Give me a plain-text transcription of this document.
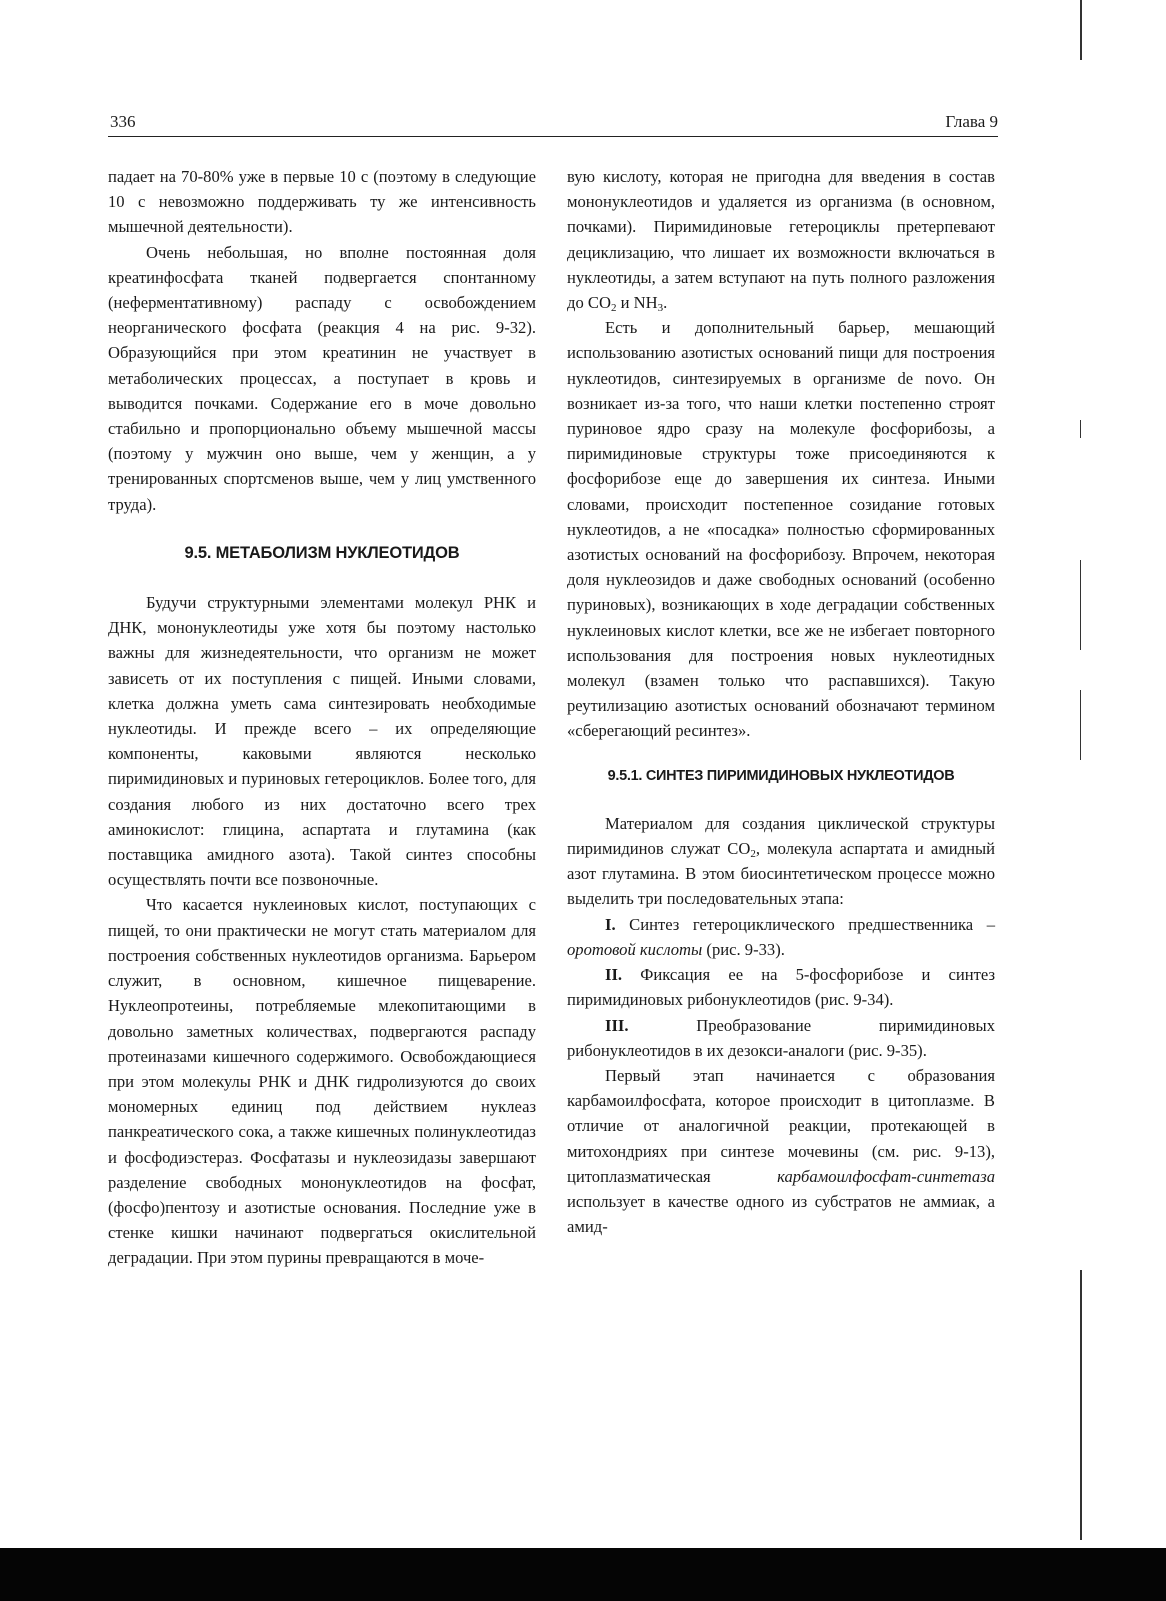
336	Глава 9

падает на 70-80% уже в первые 10 с (поэтому в следующие 10 с невозможно поддерживать ту же интенсивность мышечной деятельности).

Очень небольшая, но вполне постоянная доля креатинфосфата тканей подвергается спонтанному (неферментативному) распаду с освобождением неорганического фосфата (реакция 4 на рис. 9-32). Образующийся при этом креатинин не участвует в метаболических процессах, а поступает в кровь и выводится почками. Содержание его в моче довольно стабильно и пропорционально объему мышечной массы (поэтому у мужчин оно выше, чем у женщин, а у тренированных спортсменов выше, чем у лиц умственного труда).

9.5. МЕТАБОЛИЗМ НУКЛЕОТИДОВ

Будучи структурными элементами молекул РНК и ДНК, мононуклеотиды уже хотя бы поэтому настолько важны для жизнедеятельности, что организм не может зависеть от их поступления с пищей. Иными словами, клетка должна уметь сама синтезировать необходимые нуклеотиды. И прежде всего – их определяющие компоненты, каковыми являются несколько пиримидиновых и пуриновых гетероциклов. Более того, для создания любого из них достаточно всего трех аминокислот: глицина, аспартата и глутамина (как поставщика амидного азота). Такой синтез способны осуществлять почти все позвоночные.

Что касается нуклеиновых кислот, поступающих с пищей, то они практически не могут стать материалом для построения собственных нуклеотидов организма. Барьером служит, в основном, кишечное пищеварение. Нуклеопротеины, потребляемые млекопитающими в довольно заметных количествах, подвергаются распаду протеиназами кишечного содержимого. Освобождающиеся при этом молекулы РНК и ДНК гидролизуются до своих мономерных единиц под действием нуклеаз панкреатического сока, а также кишечных полинуклеотидаз и фосфодиэстераз. Фосфатазы и нуклеозидазы завершают разделение свободных мононуклеотидов на фосфат, (фосфо)пентозу и азотистые основания. Последние уже в стенке кишки начинают подвергаться окислительной деградации. При этом пурины превращаются в моче-

вую кислоту, которая не пригодна для введения в состав мононуклеотидов и удаляется из организма (в основном, почками). Пиримидиновые гетероциклы претерпевают дециклизацию, что лишает их возможности включаться в нуклеотиды, а затем вступают на путь полного разложения до $CO_2$ и $NH_3$.

Есть и дополнительный барьер, мешающий использованию азотистых оснований пищи для построения нуклеотидов, синтезируемых в организме de novo. Он возникает из-за того, что наши клетки постепенно строят пуриновое ядро сразу на молекуле фосфорибозы, а пиримидиновые структуры тоже присоединяются к фосфорибозе еще до завершения их синтеза. Иными словами, происходит постепенное созидание готовых нуклеотидов, а не «посадка» полностью сформированных азотистых оснований на фосфорибозу. Впрочем, некоторая доля нуклеозидов и даже свободных оснований (особенно пуриновых), возникающих в ходе деградации собственных нуклеиновых кислот клетки, все же не избегает повторного использования для построения новых нуклеотидных молекул (взамен только что распавшихся). Такую реутилизацию азотистых оснований обозначают термином «сберегающий ресинтез».

9.5.1. СИНТЕЗ ПИРИМИДИНОВЫХ НУКЛЕОТИДОВ

Материалом для создания циклической структуры пиримидинов служат $CO_2$, молекула аспартата и амидный азот глутамина. В этом биосинтетическом процессе можно выделить три последовательных этапа:

I. Синтез гетероциклического предшественника – оротовой кислоты (рис. 9-33).

II. Фиксация ее на 5-фосфорибозе и синтез пиримидиновых рибонуклеотидов (рис. 9-34).

III. Преобразование пиримидиновых рибонуклеотидов в их дезокси-аналоги (рис. 9-35).

Первый этап начинается с образования карбамоилфосфата, которое происходит в цитоплазме. В отличие от аналогичной реакции, протекающей в митохондриях при синтезе мочевины (см. рис. 9-13), цитоплазматическая карбамоилфосфат-синтетаза использует в качестве одного из субстратов не аммиак, а амид-
